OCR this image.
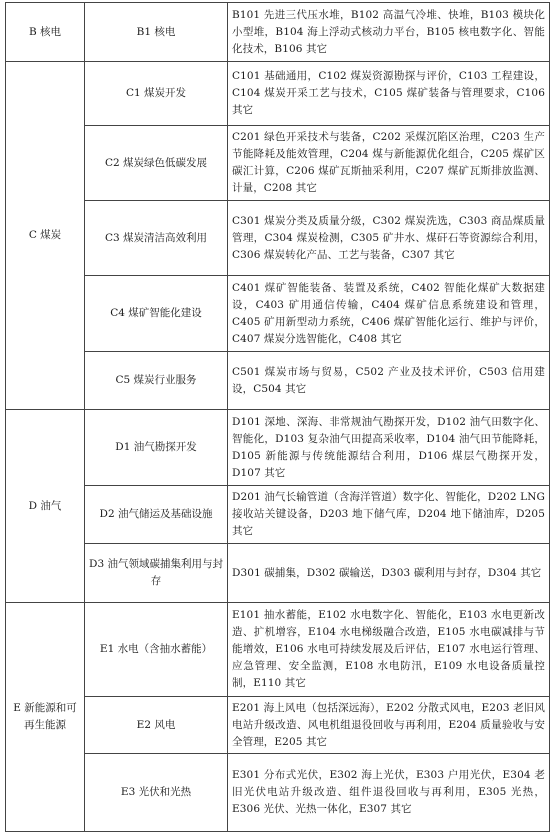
B 核电	B1 核电	B101 先进三代压水堆，B102 高温气冷堆、快堆，B103 模块化小型堆，B104 海上浮动式核动力平台，B105 核电数字化、智能化技术，B106 其它
C 煤炭	C1 煤炭开发	C101 基础通用，C102 煤炭资源勘探与评价，C103 工程建设，C104 煤炭开采工艺与技术，C105 煤矿装备与管理要求，C106 其它
	C2 煤炭绿色低碳发展	C201 绿色开采技术与装备，C202 采煤沉陷区治理，C203 生产节能降耗及能效管理，C204 煤与新能源优化组合，C205 煤矿区碳汇计算，C206 煤矿瓦斯抽采利用，C207 煤矿瓦斯排放监测、计量，C208 其它
	C3 煤炭清洁高效利用	C301 煤炭分类及质量分级，C302 煤炭洗选，C303 商品煤质量管理，C304 煤炭检测，C305 矿井水、煤矸石等资源综合利用，C306 煤炭转化产品、工艺与装备，C307 其它
	C4 煤矿智能化建设	C401 煤矿智能装备、装置及系统，C402 智能化煤矿大数据建设，C403 矿用通信传输，C404 煤矿信息系统建设和管理，C405 矿用新型动力系统，C406 煤矿智能化运行、维护与评价，C407 煤炭分选智能化，C408 其它
	C5 煤炭行业服务	C501 煤炭市场与贸易，C502 产业及技术评价，C503 信用建设，C504 其它
D 油气	D1 油气勘探开发	D101 深地、深海、非常规油气勘探开发，D102 油气田数字化、智能化，D103 复杂油气田提高采收率，D104 油气田节能降耗，D105 新能源与传统能源结合利用，D106 煤层气勘探开发，D107 其它
	D2 油气储运及基础设施	D201 油气长输管道（含海洋管道）数字化、智能化，D202 LNG 接收站关键设备，D203 地下储气库，D204 地下储油库，D205 其它
	D3 油气领域碳捕集利用与封存	D301 碳捕集，D302 碳输送，D303 碳利用与封存，D304 其它
E 新能源和可再生能源	E1 水电（含抽水蓄能）	E101 抽水蓄能，E102 水电数字化、智能化，E103 水电更新改造、扩机增容，E104 水电梯级融合改造，E105 水电碳减排与节能增效，E106 水电可持续发展及后评估，E107 水电运行管理、应急管理、安全监测，E108 水电防汛，E109 水电设备质量控制，E110 其它
	E2 风电	E201 海上风电（包括深远海），E202 分散式风电，E203 老旧风电站升级改造、风电机组退役回收与再利用，E204 质量验收与安全管理，E205 其它
	E3 光伏和光热	E301 分布式光伏，E302 海上光伏，E303 户用光伏，E304 老旧光伏电站升级改造、组件退役回收与再利用，E305 光热，E306 光伏、光热一体化，E307 其它
